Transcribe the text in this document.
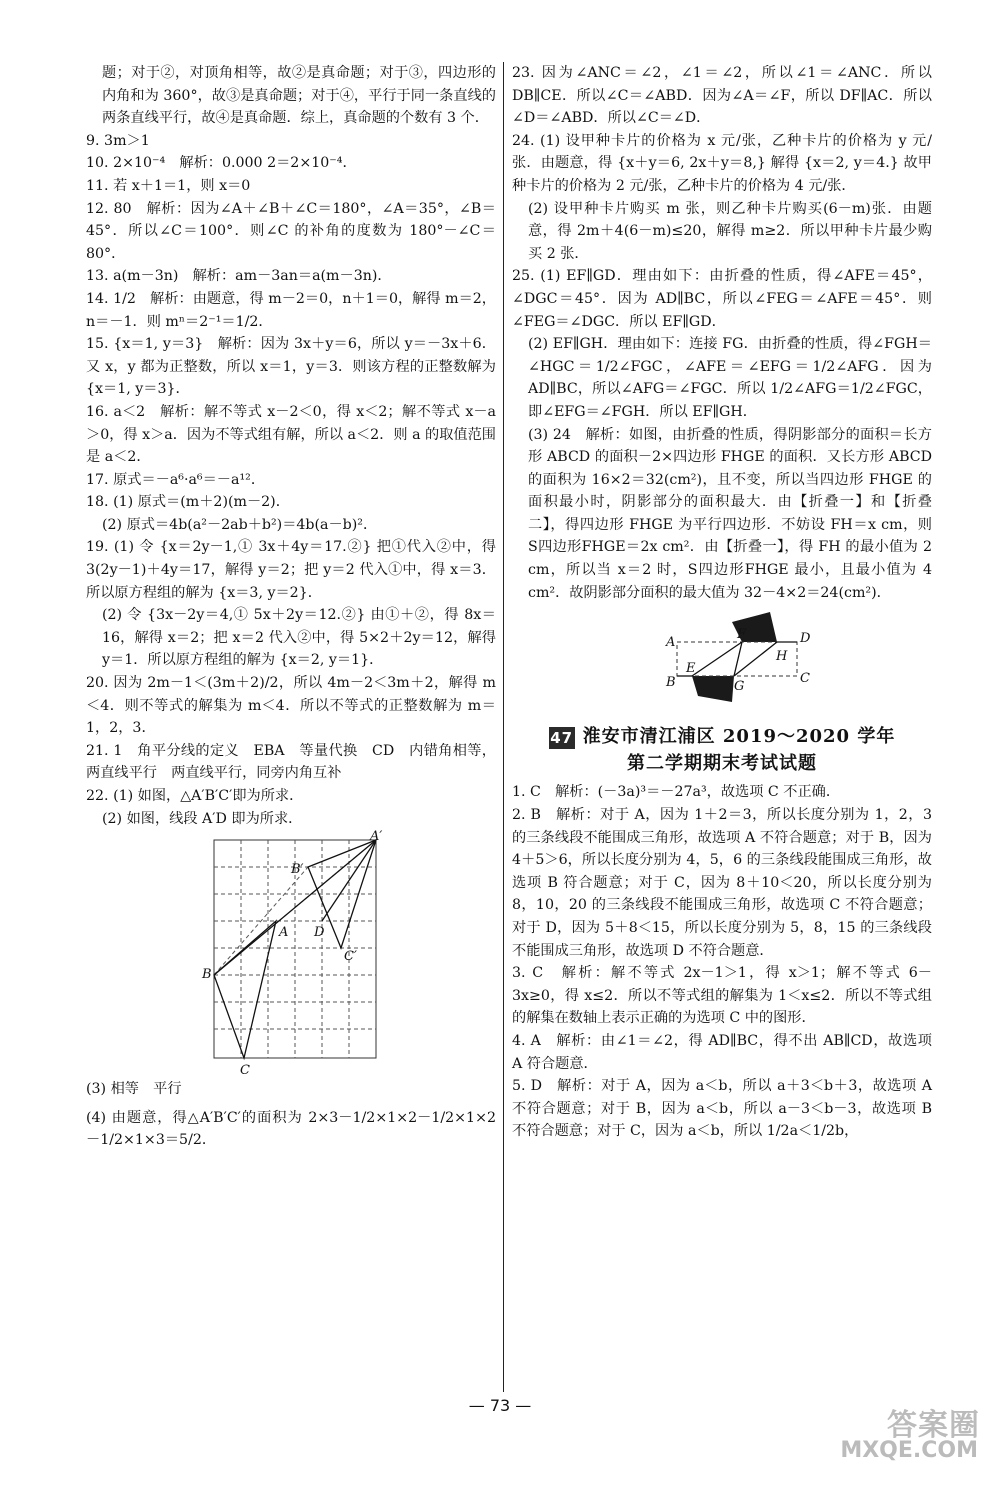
题；对于②，对顶角相等，故②是真命题；对于③，四边形的内角和为 360°，故③是真命题；对于④，平行于同一条直线的两条直线平行，故④是真命题．综上，真命题的个数有 3 个．

9. 3m＞1

10. 2×10⁻⁴　解析：0.000 2＝2×10⁻⁴．

11. 若 x＋1＝1，则 x＝0

12. 80　解析：因为∠A＋∠B＋∠C＝180°，∠A＝35°，∠B＝45°．所以∠C＝100°．则∠C 的补角的度数为 180°－∠C＝80°．

13. a(m－3n)　解析：am－3an＝a(m－3n)．

14. 1/2　解析：由题意，得 m－2＝0，n＋1＝0，解得 m＝2，n＝－1．则 mⁿ＝2⁻¹＝1/2．

15. {x＝1, y＝3}　解析：因为 3x＋y＝6，所以 y＝－3x＋6．又 x，y 都为正整数，所以 x＝1，y＝3．则该方程的正整数解为 {x＝1, y＝3}．

16. a＜2　解析：解不等式 x－2＜0，得 x＜2；解不等式 x－a＞0，得 x＞a．因为不等式组有解，所以 a＜2．则 a 的取值范围是 a＜2．

17. 原式＝－a⁶·a⁶＝－a¹²．

18. (1) 原式＝(m＋2)(m－2)．

(2) 原式＝4b(a²－2ab＋b²)＝4b(a－b)²．

19. (1) 令 {x＝2y－1,① 3x＋4y＝17.②} 把①代入②中，得 3(2y－1)＋4y＝17，解得 y＝2；把 y＝2 代入①中，得 x＝3．所以原方程组的解为 {x＝3, y＝2}．

(2) 令 {3x－2y＝4,① 5x＋2y＝12.②} 由①＋②，得 8x＝16，解得 x＝2；把 x＝2 代入②中，得 5×2＋2y＝12，解得 y＝1．所以原方程组的解为 {x＝2, y＝1}．

20. 因为 2m－1＜(3m＋2)/2，所以 4m－2＜3m＋2，解得 m＜4．则不等式的解集为 m＜4．所以不等式的正整数解为 m＝1，2，3．

21. 1　角平分线的定义　EBA　等量代换　CD　内错角相等，两直线平行　两直线平行，同旁内角互补

22. (1) 如图，△A′B′C′即为所求．

(2) 如图，线段 A′D 即为所求．

A′
B′
A D
B
C′
C

(3) 相等　平行

(4) 由题意，得△A′B′C′的面积为 2×3－1/2×1×2－1/2×1×2－1/2×1×3＝5/2．

23. 因为∠ANC＝∠2，∠1＝∠2，所以∠1＝∠ANC．所以 DB∥CE．所以∠C＝∠ABD．因为∠A＝∠F，所以 DF∥AC．所以∠D＝∠ABD．所以∠C＝∠D．

24. (1) 设甲种卡片的价格为 x 元/张，乙种卡片的价格为 y 元/张．由题意，得 {x＋y＝6, 2x＋y＝8,} 解得 {x＝2, y＝4.} 故甲种卡片的价格为 2 元/张，乙种卡片的价格为 4 元/张．

(2) 设甲种卡片购买 m 张，则乙种卡片购买(6－m)张．由题意，得 2m＋4(6－m)≤20，解得 m≥2．所以甲种卡片最少购买 2 张．

25. (1) EF∥GD．理由如下：由折叠的性质，得∠AFE＝45°，∠DGC＝45°．因为 AD∥BC，所以∠FEG＝∠AFE＝45°．则∠FEG＝∠DGC．所以 EF∥GD．

(2) EF∥GH．理由如下：连接 FG．由折叠的性质，得∠FGH＝∠HGC＝1/2∠FGC，∠AFE＝∠EFG＝1/2∠AFG．因为 AD∥BC，所以∠AFG＝∠FGC．所以 1/2∠AFG＝1/2∠FGC，即∠EFG＝∠FGH．所以 EF∥GH．

(3) 24　解析：如图，由折叠的性质，得阴影部分的面积＝长方形 ABCD 的面积－2×四边形 FHGE 的面积．又长方形 ABCD 的面积为 16×2＝32(cm²)，且不变，所以当四边形 FHGE 的面积最小时，阴影部分的面积最大．由【折叠一】和【折叠二】，得四边形 FHGE 为平行四边形．不妨设 FH＝x cm，则 S四边形FHGE＝2x cm²．由【折叠一】，得 FH 的最小值为 2 cm，所以当 x＝2 时，S四边形FHGE 最小，且最小值为 4 cm²．故阴影部分面积的最大值为 32－4×2＝24(cm²)．

A
F	D
H
E
B	G
C
47 淮安市清江浦区 2019～2020 学年
第二学期期末考试试题

1. C　解析：(－3a)³＝－27a³，故选项 C 不正确．

2. B　解析：对于 A，因为 1＋2＝3，所以长度分别为 1，2，3 的三条线段不能围成三角形，故选项 A 不符合题意；对于 B，因为 4＋5＞6，所以长度分别为 4，5，6 的三条线段能围成三角形，故选项 B 符合题意；对于 C，因为 8＋10＜20，所以长度分别为 8，10，20 的三条线段不能围成三角形，故选项 C 不符合题意；对于 D，因为 5＋8＜15，所以长度分别为 5，8，15 的三条线段不能围成三角形，故选项 D 不符合题意．

3. C　解析：解不等式 2x－1＞1，得 x＞1；解不等式 6－3x≥0，得 x≤2．所以不等式组的解集为 1＜x≤2．所以不等式组的解集在数轴上表示正确的为选项 C 中的图形．

4. A　解析：由∠1＝∠2，得 AD∥BC，得不出 AB∥CD，故选项 A 符合题意．

5. D　解析：对于 A，因为 a＜b，所以 a＋3＜b＋3，故选项 A 不符合题意；对于 B，因为 a＜b，所以 a－3＜b－3，故选项 B 不符合题意；对于 C，因为 a＜b，所以 1/2a＜1/2b，

— 73 —
答案圈
MXQE.COM
